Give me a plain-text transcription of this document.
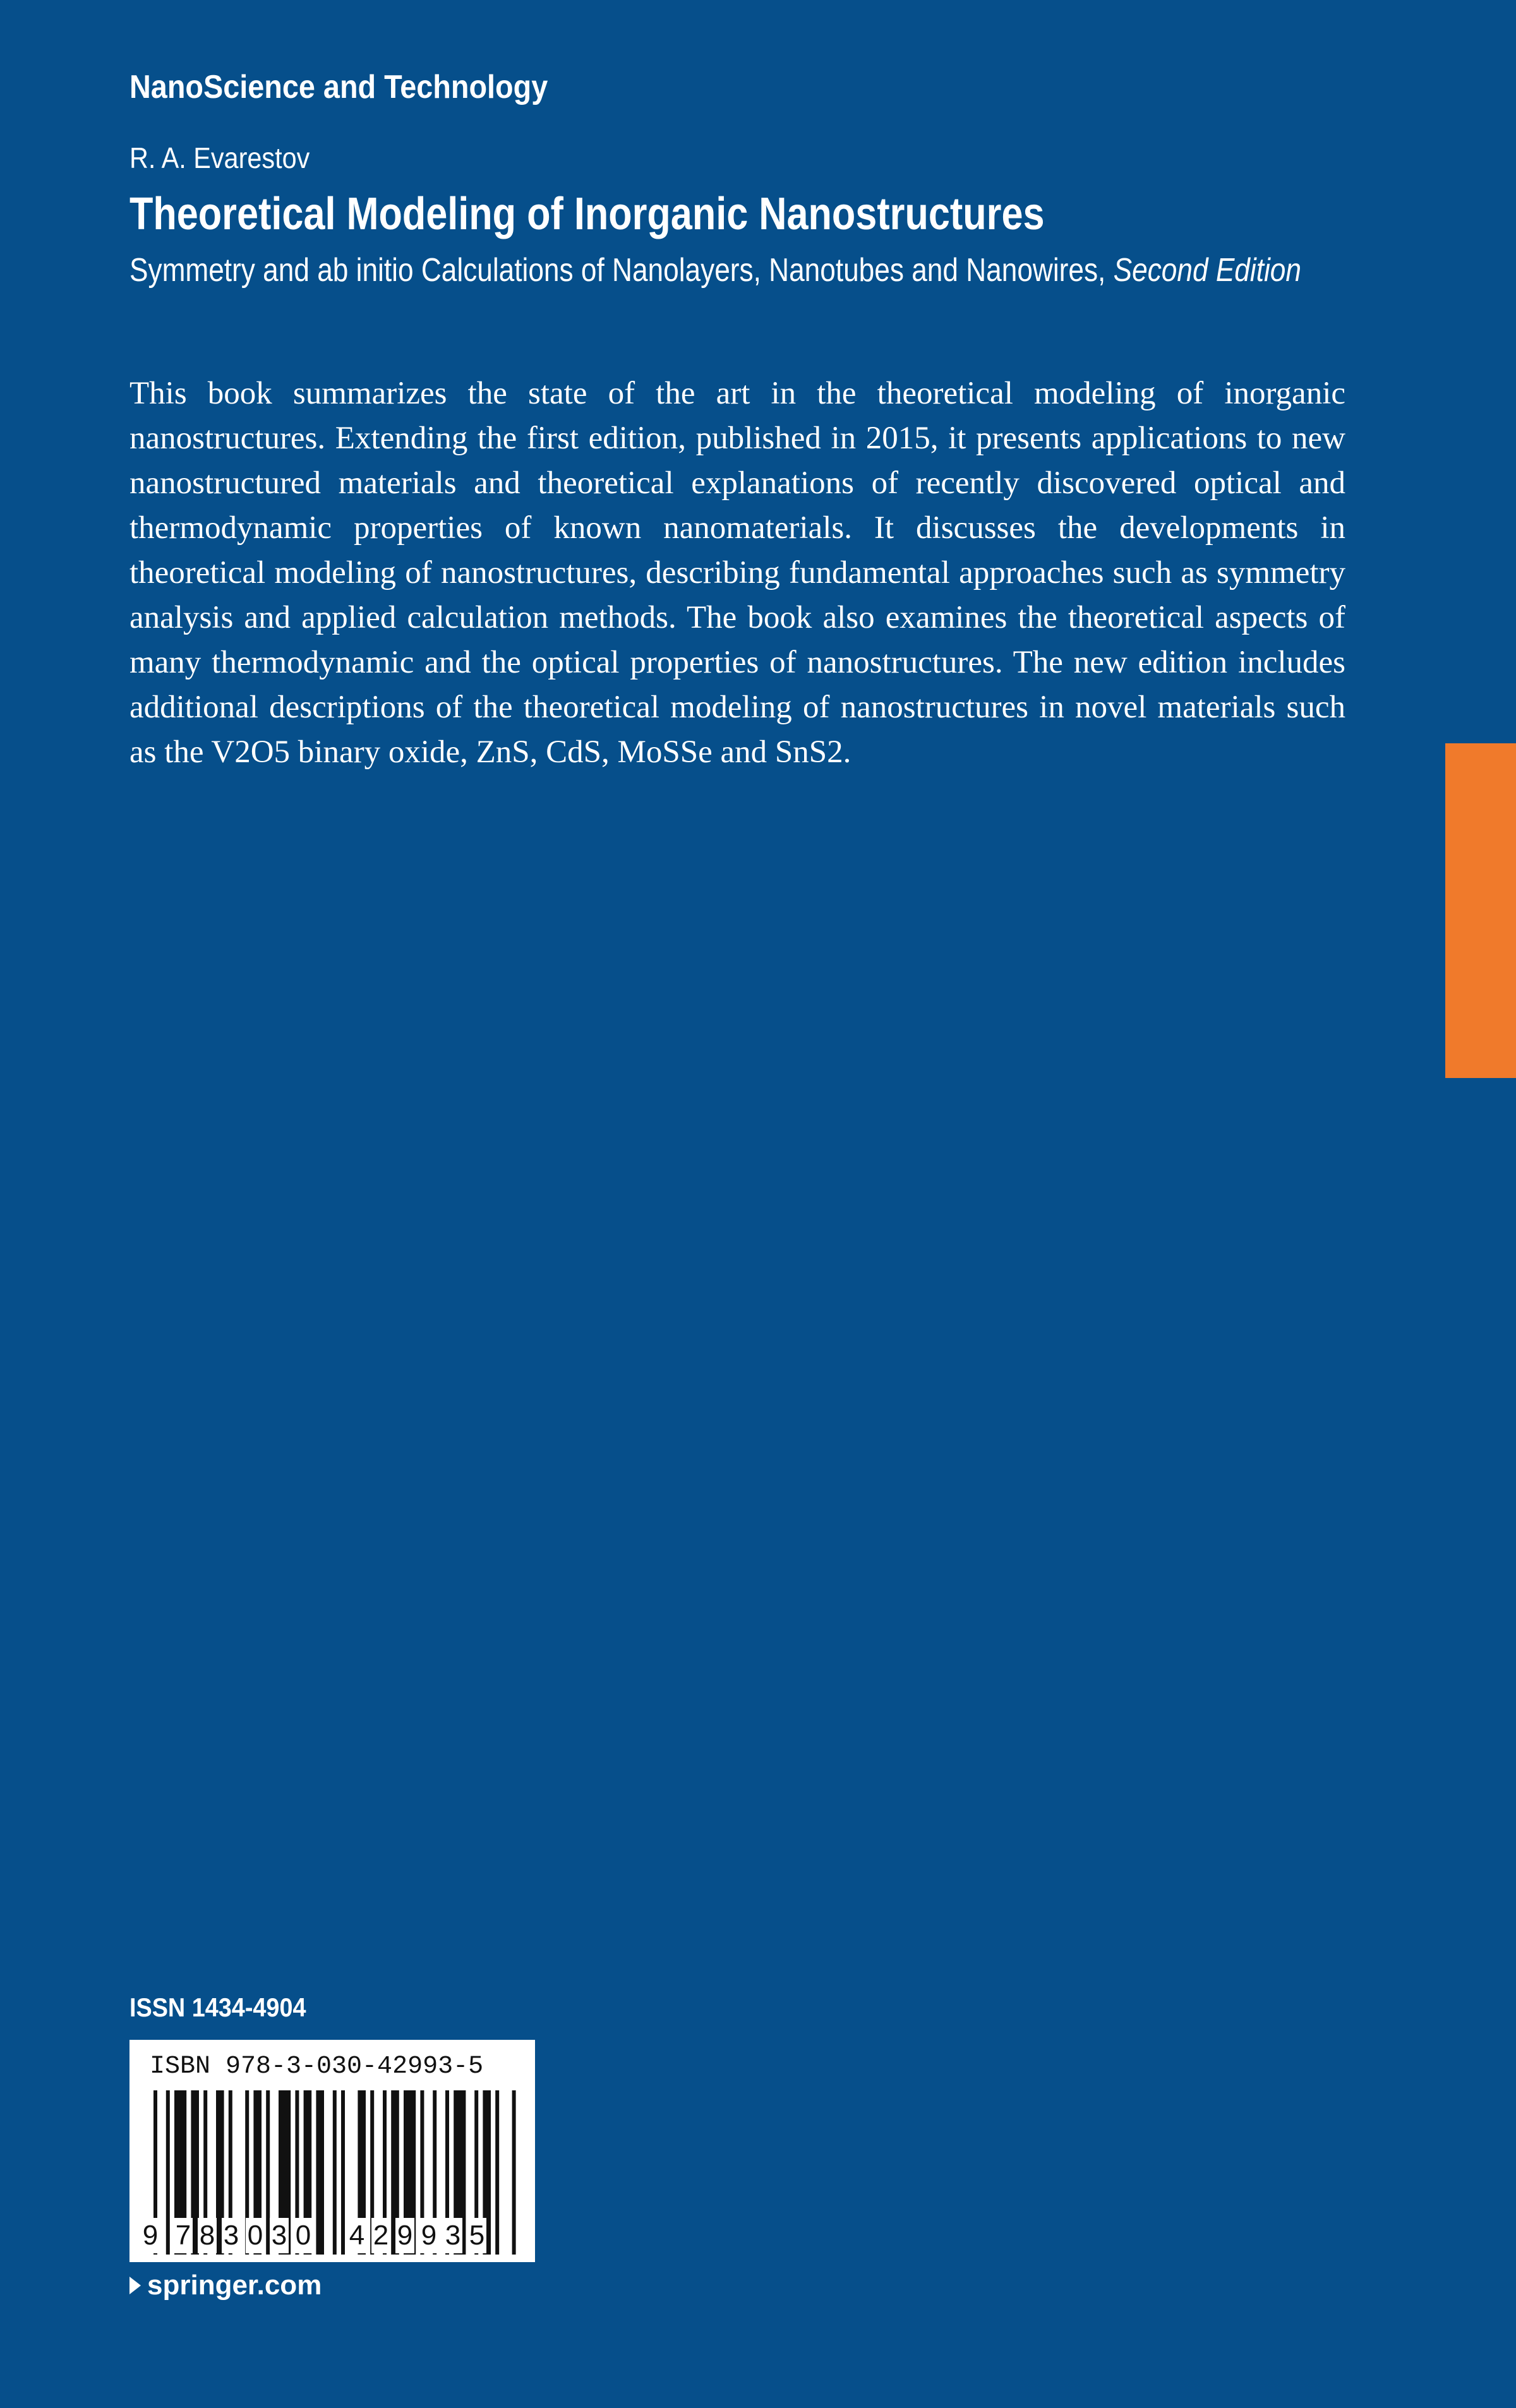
NanoScience and Technology
R. A. Evarestov
Theoretical Modeling of Inorganic Nanostructures
Symmetry and ab initio Calculations of Nanolayers, Nanotubes and Nanowires, Second Edition
This book summarizes the state of the art in the theoretical modeling of inorganic nanostructures. Extending the first edition, published in 2015, it presents applications to new nanostructured materials and theoretical explanations of recently discovered optical and thermodynamic properties of known nanomaterials. It discusses the developments in theoretical modeling of nanostructures, describing fundamental approaches such as symmetry analysis and applied calculation methods. The book also examines the theoretical aspects of many thermodynamic and the optical properties of nanostructures. The new edition includes additional descriptions of the theoretical modeling of nanostructures in novel materials such as the V2O5 binary oxide, ZnS, CdS, MoSSe and SnS2.
ISSN 1434-4904
ISBN 978-3-030-42993-5
9 7 8 3 0 3 0 4 2 9 9 3 5
springer.com
